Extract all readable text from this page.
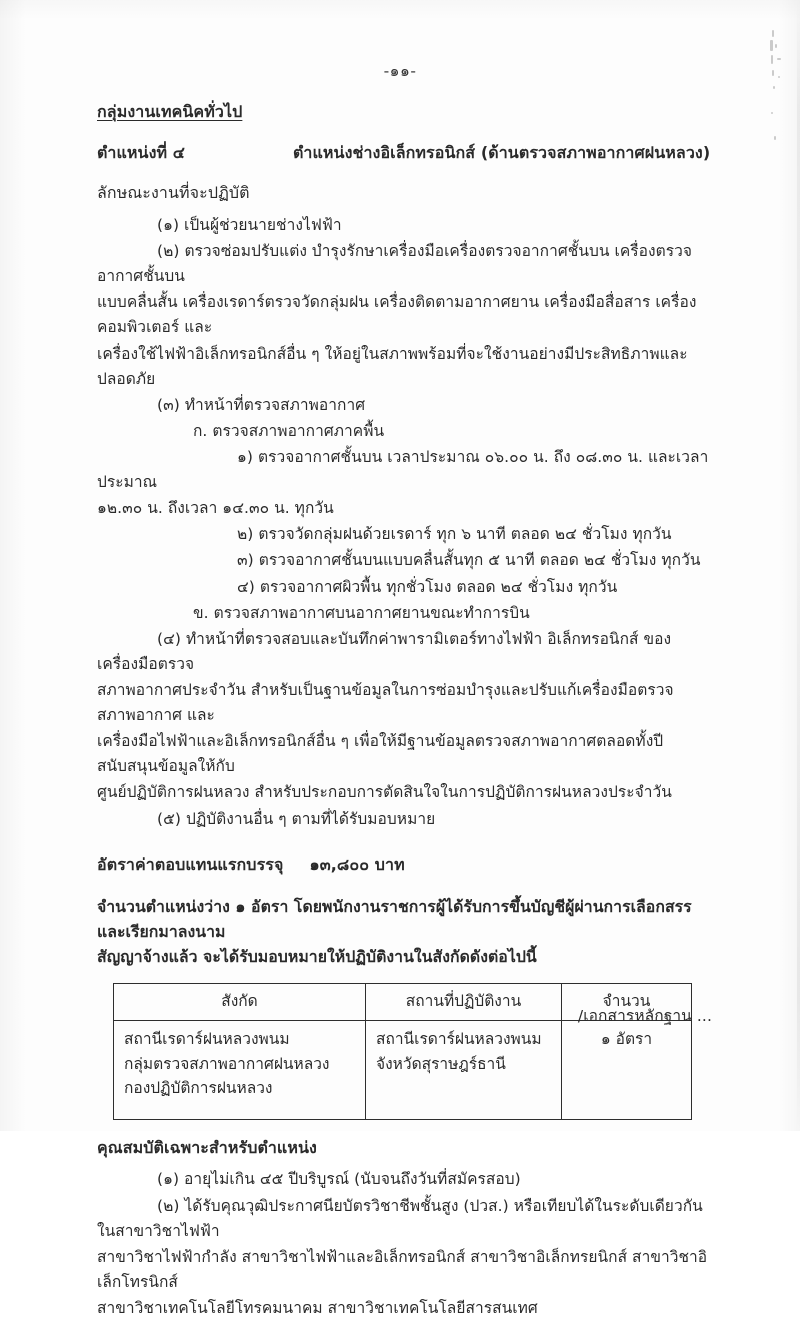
-๑๑-
กลุ่มงานเทคนิคทั่วไป
ตำแหน่งที่ ๔	ตำแหน่งช่างอิเล็กทรอนิกส์ (ด้านตรวจสภาพอากาศฝนหลวง)
ลักษณะงานที่จะปฏิบัติ
(๑) เป็นผู้ช่วยนายช่างไฟฟ้า
(๒) ตรวจซ่อมปรับแต่ง บำรุงรักษาเครื่องมือเครื่องตรวจอากาศชั้นบน เครื่องตรวจอากาศชั้นบน
แบบคลื่นสั้น เครื่องเรดาร์ตรวจวัดกลุ่มฝน เครื่องติดตามอากาศยาน เครื่องมือสื่อสาร เครื่องคอมพิวเตอร์ และ
เครื่องใช้ไฟฟ้าอิเล็กทรอนิกส์อื่น ๆ ให้อยู่ในสภาพพร้อมที่จะใช้งานอย่างมีประสิทธิภาพและปลอดภัย
(๓) ทำหน้าที่ตรวจสภาพอากาศ
ก. ตรวจสภาพอากาศภาคพื้น
๑) ตรวจอากาศชั้นบน เวลาประมาณ ๐๖.๐๐ น. ถึง ๐๘.๓๐ น. และเวลาประมาณ
๑๒.๓๐ น. ถึงเวลา ๑๔.๓๐ น. ทุกวัน
๒) ตรวจวัดกลุ่มฝนด้วยเรดาร์ ทุก ๖ นาที ตลอด ๒๔ ชั่วโมง ทุกวัน
๓) ตรวจอากาศชั้นบนแบบคลื่นสั้นทุก ๕ นาที ตลอด ๒๔ ชั่วโมง ทุกวัน
๔) ตรวจอากาศผิวพื้น ทุกชั่วโมง ตลอด ๒๔ ชั่วโมง ทุกวัน
ข. ตรวจสภาพอากาศบนอากาศยานขณะทำการบิน
(๔) ทำหน้าที่ตรวจสอบและบันทึกค่าพารามิเตอร์ทางไฟฟ้า อิเล็กทรอนิกส์ ของเครื่องมือตรวจ
สภาพอากาศประจำวัน สำหรับเป็นฐานข้อมูลในการซ่อมบำรุงและปรับแก้เครื่องมือตรวจสภาพอากาศ และ
เครื่องมือไฟฟ้าและอิเล็กทรอนิกส์อื่น ๆ เพื่อให้มีฐานข้อมูลตรวจสภาพอากาศตลอดทั้งปี สนับสนุนข้อมูลให้กับ
ศูนย์ปฏิบัติการฝนหลวง สำหรับประกอบการตัดสินใจในการปฏิบัติการฝนหลวงประจำวัน
(๕) ปฏิบัติงานอื่น ๆ ตามที่ได้รับมอบหมาย
อัตราค่าตอบแทนแรกบรรจุ ๑๓,๘๐๐ บาท
จำนวนตำแหน่งว่าง ๑ อัตรา โดยพนักงานราชการผู้ได้รับการขึ้นบัญชีผู้ผ่านการเลือกสรรและเรียกมาลงนาม
สัญญาจ้างแล้ว จะได้รับมอบหมายให้ปฏิบัติงานในสังกัดดังต่อไปนี้
สังกัด	สถานที่ปฏิบัติงาน	จำนวน

สถานีเรดาร์ฝนหลวงพนม
กลุ่มตรวจสภาพอากาศฝนหลวง
กองปฏิบัติการฝนหลวง	สถานีเรดาร์ฝนหลวงพนม
จังหวัดสุราษฎร์ธานี	๑ อัตรา
คุณสมบัติเฉพาะสำหรับตำแหน่ง
(๑) อายุไม่เกิน ๔๕ ปีบริบูรณ์ (นับจนถึงวันที่สมัครสอบ)
(๒) ได้รับคุณวุฒิประกาศนียบัตรวิชาชีพชั้นสูง (ปวส.) หรือเทียบได้ในระดับเดียวกัน ในสาขาวิชาไฟฟ้า
สาขาวิชาไฟฟ้ากำลัง สาขาวิชาไฟฟ้าและอิเล็กทรอนิกส์ สาขาวิชาอิเล็กทรยนิกส์ สาขาวิชาอิเล็กโทรนิกส์
สาขาวิชาเทคโนโลยีโทรคมนาคม สาขาวิชาเทคโนโลยีสารสนเทศ
/เอกสารหลักฐาน ...
